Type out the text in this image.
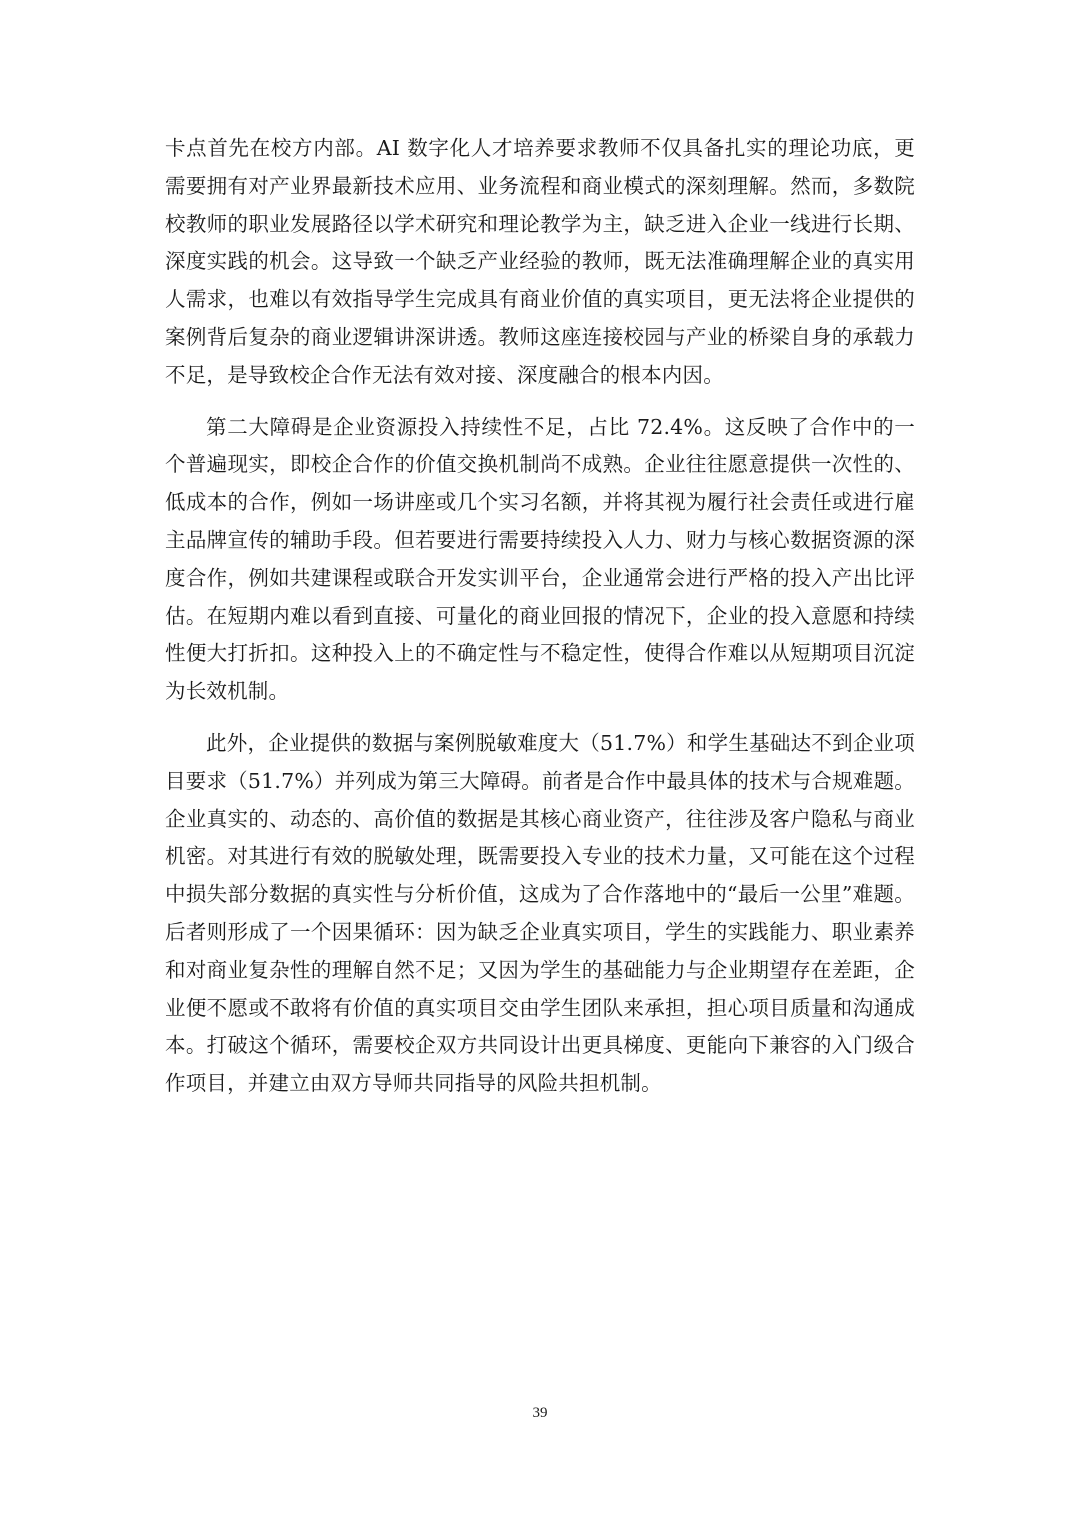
卡点首先在校方内部。AI 数字化人才培养要求教师不仅具备扎实的理论功底，更需要拥有对产业界最新技术应用、业务流程和商业模式的深刻理解。然而，多数院校教师的职业发展路径以学术研究和理论教学为主，缺乏进入企业一线进行长期、深度实践的机会。这导致一个缺乏产业经验的教师，既无法准确理解企业的真实用人需求，也难以有效指导学生完成具有商业价值的真实项目，更无法将企业提供的案例背后复杂的商业逻辑讲深讲透。教师这座连接校园与产业的桥梁自身的承载力不足，是导致校企合作无法有效对接、深度融合的根本内因。

第二大障碍是企业资源投入持续性不足，占比 72.4%。这反映了合作中的一个普遍现实，即校企合作的价值交换机制尚不成熟。企业往往愿意提供一次性的、低成本的合作，例如一场讲座或几个实习名额，并将其视为履行社会责任或进行雇主品牌宣传的辅助手段。但若要进行需要持续投入人力、财力与核心数据资源的深度合作，例如共建课程或联合开发实训平台，企业通常会进行严格的投入产出比评估。在短期内难以看到直接、可量化的商业回报的情况下，企业的投入意愿和持续性便大打折扣。这种投入上的不确定性与不稳定性，使得合作难以从短期项目沉淀为长效机制。

此外，企业提供的数据与案例脱敏难度大（51.7%）和学生基础达不到企业项目要求（51.7%）并列成为第三大障碍。前者是合作中最具体的技术与合规难题。企业真实的、动态的、高价值的数据是其核心商业资产，往往涉及客户隐私与商业机密。对其进行有效的脱敏处理，既需要投入专业的技术力量，又可能在这个过程中损失部分数据的真实性与分析价值，这成为了合作落地中的“最后一公里”难题。后者则形成了一个因果循环：因为缺乏企业真实项目，学生的实践能力、职业素养和对商业复杂性的理解自然不足；又因为学生的基础能力与企业期望存在差距，企业便不愿或不敢将有价值的真实项目交由学生团队来承担，担心项目质量和沟通成本。打破这个循环，需要校企双方共同设计出更具梯度、更能向下兼容的入门级合作项目，并建立由双方导师共同指导的风险共担机制。

39
